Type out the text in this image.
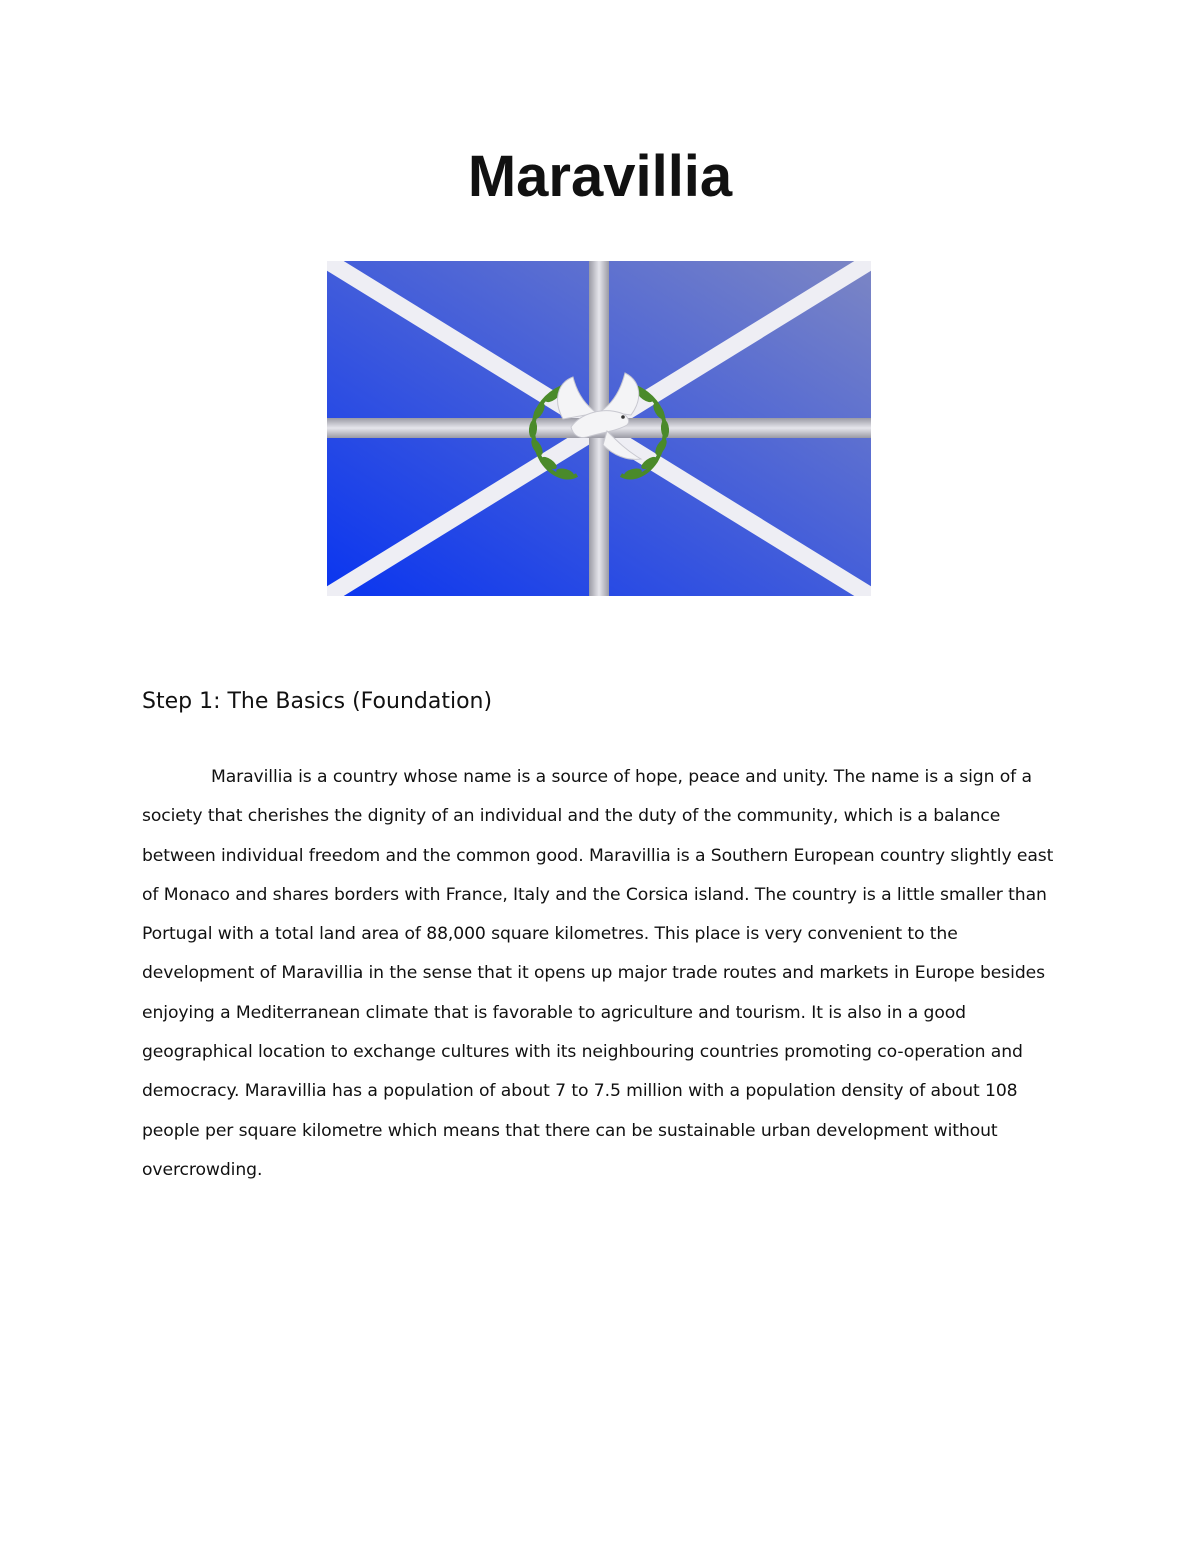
Maravillia
Step 1: The Basics (Foundation)

Maravillia is a country whose name is a source of hope, peace and unity. The name is a sign of a society that cherishes the dignity of an individual and the duty of the community, which is a balance between individual freedom and the common good. Maravillia is a Southern European country slightly east of Monaco and shares borders with France, Italy and the Corsica island. The country is a little smaller than Portugal with a total land area of 88,000 square kilometres. This place is very convenient to the development of Maravillia in the sense that it opens up major trade routes and markets in Europe besides enjoying a Mediterranean climate that is favorable to agriculture and tourism. It is also in a good geographical location to exchange cultures with its neighbouring countries promoting co-operation and democracy. Maravillia has a population of about 7 to 7.5 million with a population density of about 108 people per square kilometre which means that there can be sustainable urban development without overcrowding.
